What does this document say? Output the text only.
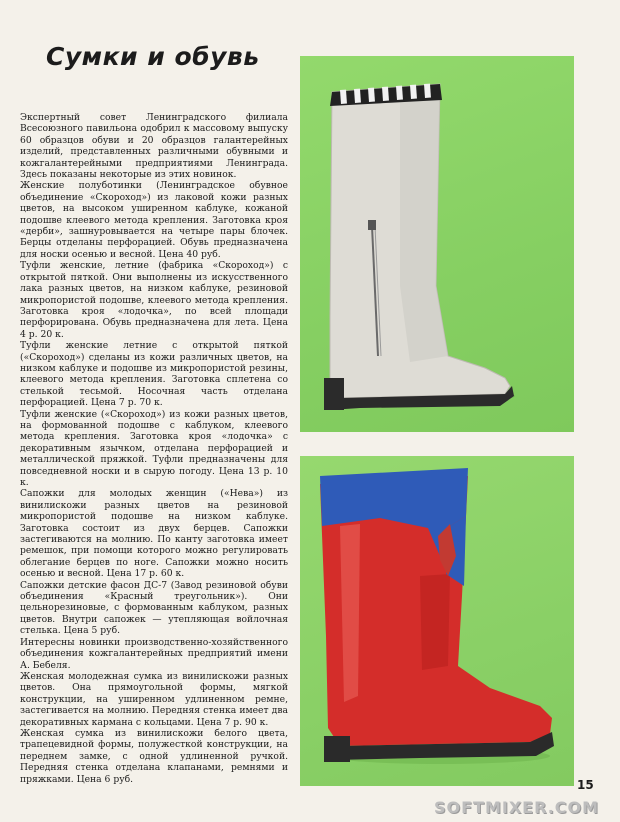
Сумки и обувь

Экспертный совет Ленинградского филиала Всесоюзного павильона одобрил к массовому выпуску 60 образцов обуви и 20 образцов галантерейных изделий, представленных различными обувными и кожгалантерейными предприятиями Ленинграда. Здесь показаны некоторые из этих новинок.

Женские полуботинки (Ленинградское обувное объединение «Скороход») из лаковой кожи разных цветов, на высоком уширенном каблуке, кожаной подошве клеевого метода крепления. Заготовка кроя «дерби», зашнуровывается на четыре пары блочек. Берцы отделаны перфорацией. Обувь предназначена для носки осенью и весной. Цена 40 руб.

Туфли женские, летние (фабрика «Скороход») с открытой пяткой. Они выполнены из искусственного лака разных цветов, на низком каблуке, резиновой микропористой подошве, клеевого метода крепления. Заготовка кроя «лодочка», по всей площади перфорирована. Обувь предназначена для лета. Цена 4 р. 20 к.

Туфли женские летние с открытой пяткой («Скороход») сделаны из кожи различных цветов, на низком каблуке и подошве из микропористой резины, клеевого метода крепления. Заготовка сплетена со стелькой тесьмой. Носочная часть отделана перфорацией. Цена 7 р. 70 к.

Туфли женские («Скороход») из кожи разных цветов, на формованной подошве с каблуком, клеевого метода крепления. Заготовка кроя «лодочка» с декоративным язычком, отделана перфорацией и металлической пряжкой. Туфли предназначены для повседневной носки и в сырую погоду. Цена 13 р. 10 к.

Сапожки для молодых женщин («Нева») из винилискожи разных цветов на резиновой микропористой подошве на низком каблуке. Заготовка состоит из двух берцев. Сапожки застегиваются на молнию. По канту заготовка имеет ремешок, при помощи которого можно регулировать облегание берцев по ноге. Сапожки можно носить осенью и весной. Цена 17 р. 60 к.

Сапожки детские фасон ДС-7 (Завод резиновой обуви объединения «Красный треугольник»). Они цельнорезиновые, с формованным каблуком, разных цветов. Внутри сапожек — утепляющая войлочная стелька. Цена 5 руб.

Интересны новинки производственно-хозяйственного объединения кожгалантерейных предприятий имени А. Бебеля.

Женская молодежная сумка из винилискожи разных цветов. Она прямоугольной формы, мягкой конструкции, на уширенном удлиненном ремне, застегивается на молнию. Передняя стенка имеет два декоративных кармана с кольцами. Цена 7 р. 90 к.

Женская сумка из винилискожи белого цвета, трапецевидной формы, полужесткой конструкции, на переднем замке, с одной удлиненной ручкой. Передняя стенка отделана клапанами, ремнями и пряжками. Цена 6 руб.	15
SOFTMIXER.COM
